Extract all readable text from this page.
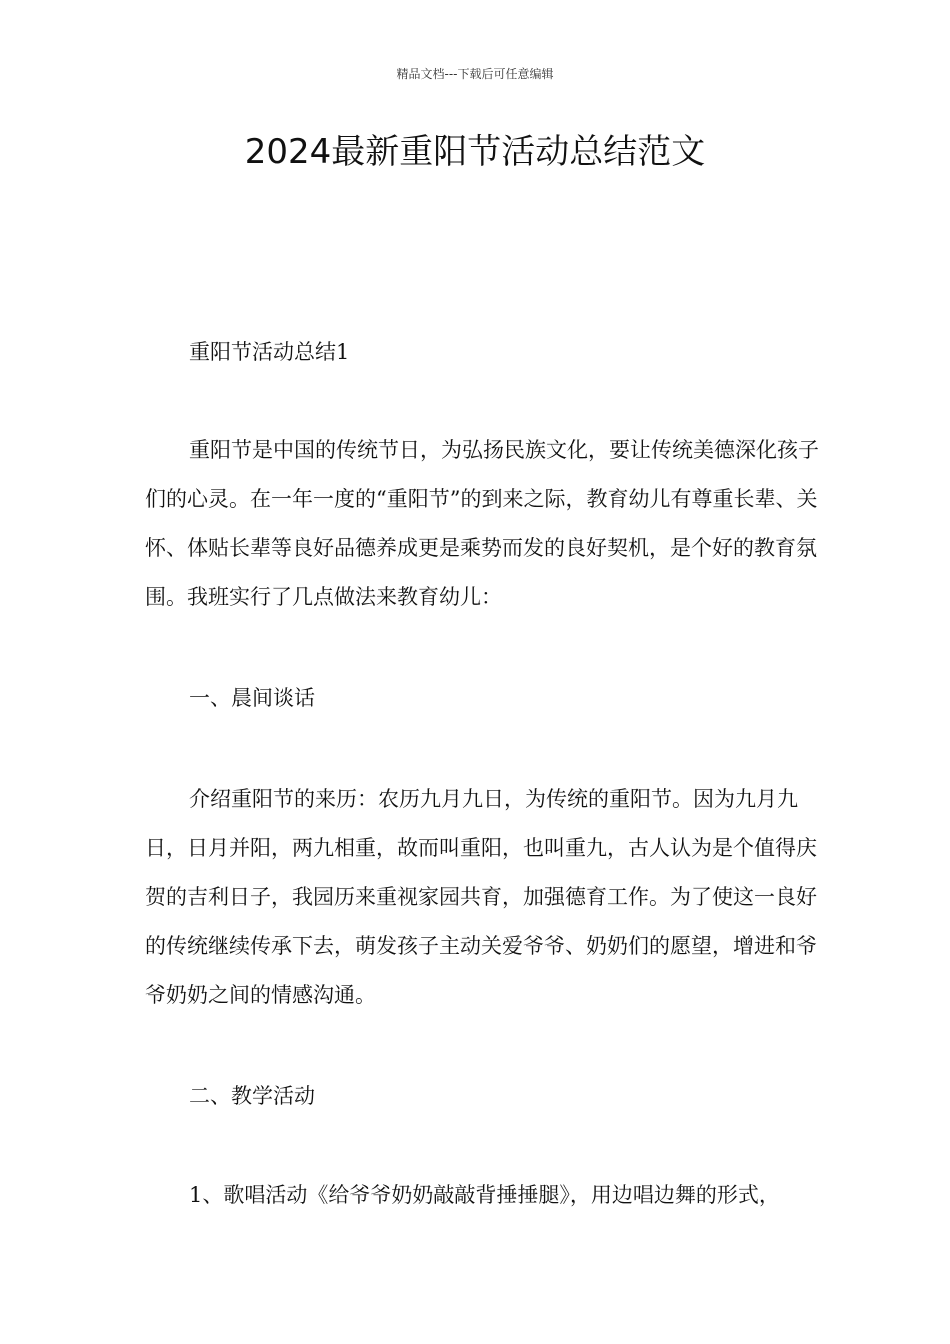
精品文档---下载后可任意编辑
2024最新重阳节活动总结范文

重阳节活动总结1

重阳节是中国的传统节日，为弘扬民族文化，要让传统美德深化孩子们的心灵。在一年一度的“重阳节”的到来之际，教育幼儿有尊重长辈、关怀、体贴长辈等良好品德养成更是乘势而发的良好契机，是个好的教育氛围。我班实行了几点做法来教育幼儿：

一、晨间谈话

介绍重阳节的来历：农历九月九日，为传统的重阳节。因为九月九日，日月并阳，两九相重，故而叫重阳，也叫重九，古人认为是个值得庆贺的吉利日子，我园历来重视家园共育，加强德育工作。为了使这一良好的传统继续传承下去，萌发孩子主动关爱爷爷、奶奶们的愿望，增进和爷爷奶奶之间的情感沟通。

二、教学活动

1、歌唱活动《给爷爷奶奶敲敲背捶捶腿》，用边唱边舞的形式，
